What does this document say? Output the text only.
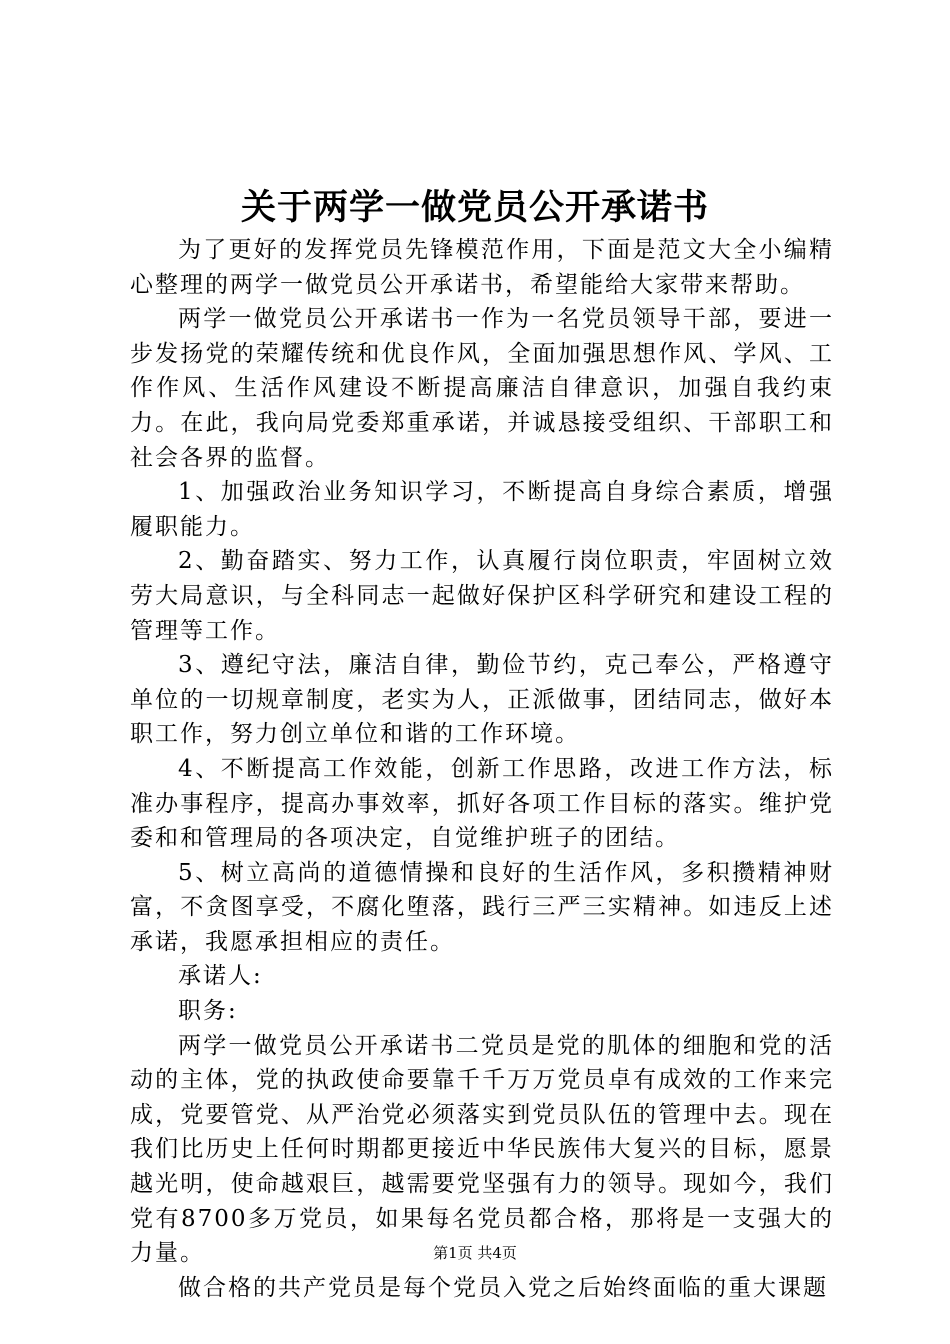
关于两学一做党员公开承诺书

为了更好的发挥党员先锋模范作用，下面是范文大全小编精心整理的两学一做党员公开承诺书，希望能给大家带来帮助。

两学一做党员公开承诺书一作为一名党员领导干部，要进一步发扬党的荣耀传统和优良作风，全面加强思想作风、学风、工作作风、生活作风建设不断提高廉洁自律意识，加强自我约束力。在此，我向局党委郑重承诺，并诚恳接受组织、干部职工和社会各界的监督。

1、加强政治业务知识学习，不断提高自身综合素质，增强履职能力。

2、勤奋踏实、努力工作，认真履行岗位职责，牢固树立效劳大局意识，与全科同志一起做好保护区科学研究和建设工程的管理等工作。

3、遵纪守法，廉洁自律，勤俭节约，克己奉公，严格遵守单位的一切规章制度，老实为人，正派做事，团结同志，做好本职工作，努力创立单位和谐的工作环境。

4、不断提高工作效能，创新工作思路，改进工作方法，标准办事程序，提高办事效率，抓好各项工作目标的落实。维护党委和和管理局的各项决定，自觉维护班子的团结。

5、树立高尚的道德情操和良好的生活作风，多积攒精神财富，不贪图享受，不腐化堕落，践行三严三实精神。如违反上述承诺，我愿承担相应的责任。

承诺人:

职务:

两学一做党员公开承诺书二党员是党的肌体的细胞和党的活动的主体，党的执政使命要靠千千万万党员卓有成效的工作来完成，党要管党、从严治党必须落实到党员队伍的管理中去。现在我们比历史上任何时期都更接近中华民族伟大复兴的目标，愿景越光明，使命越艰巨，越需要党坚强有力的领导。现如今，我们党有8700多万党员，如果每名党员都合格，那将是一支强大的力量。

做合格的共产党员是每个党员入党之后始终面临的重大课题

第1页 共4页
